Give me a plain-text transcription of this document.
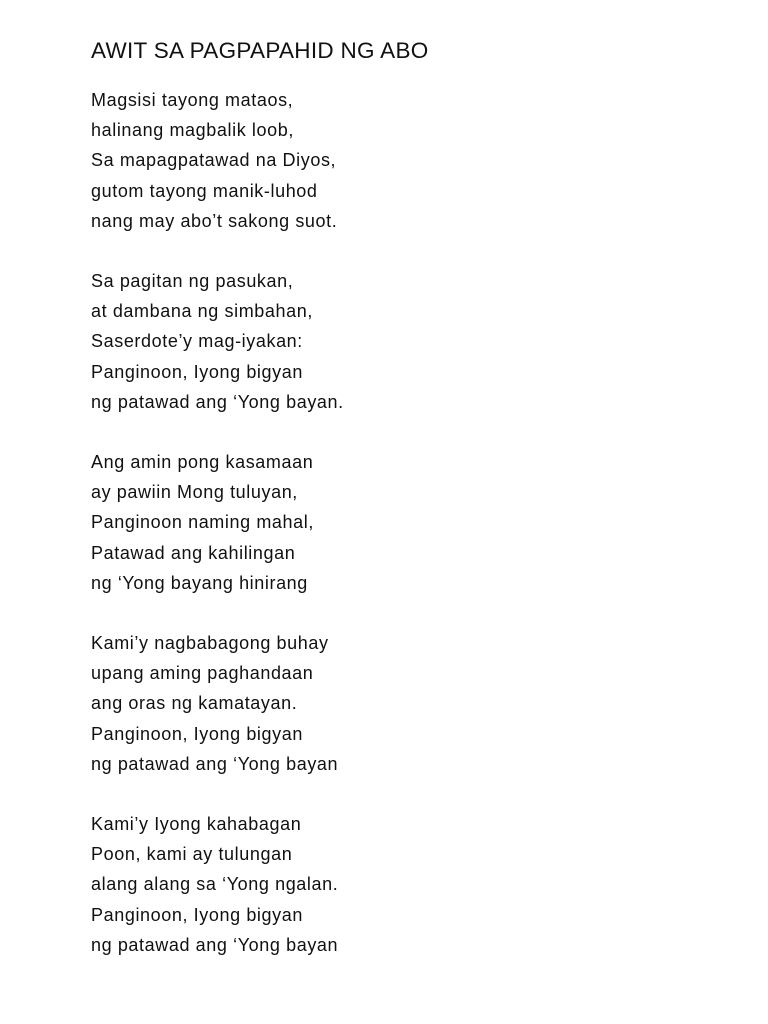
AWIT SA PAGPAPAHID NG ABO

Magsisi tayong mataos,

halinang magbalik loob,

Sa mapagpatawad na Diyos,

gutom tayong manik-luhod

nang may abo’t sakong suot.

Sa pagitan ng pasukan,

at dambana ng simbahan,

Saserdote’y mag-iyakan:

Panginoon, Iyong bigyan

ng patawad ang ‘Yong bayan.

Ang amin pong kasamaan

ay pawiin Mong tuluyan,

Panginoon naming mahal,

Patawad ang kahilingan

ng ‘Yong bayang hinirang

Kami’y nagbabagong buhay

upang aming paghandaan

ang oras ng kamatayan.

Panginoon, Iyong bigyan

ng patawad ang ‘Yong bayan

Kami’y Iyong kahabagan

Poon, kami ay tulungan

alang alang sa ‘Yong ngalan.

Panginoon, Iyong bigyan

ng patawad ang ‘Yong bayan
